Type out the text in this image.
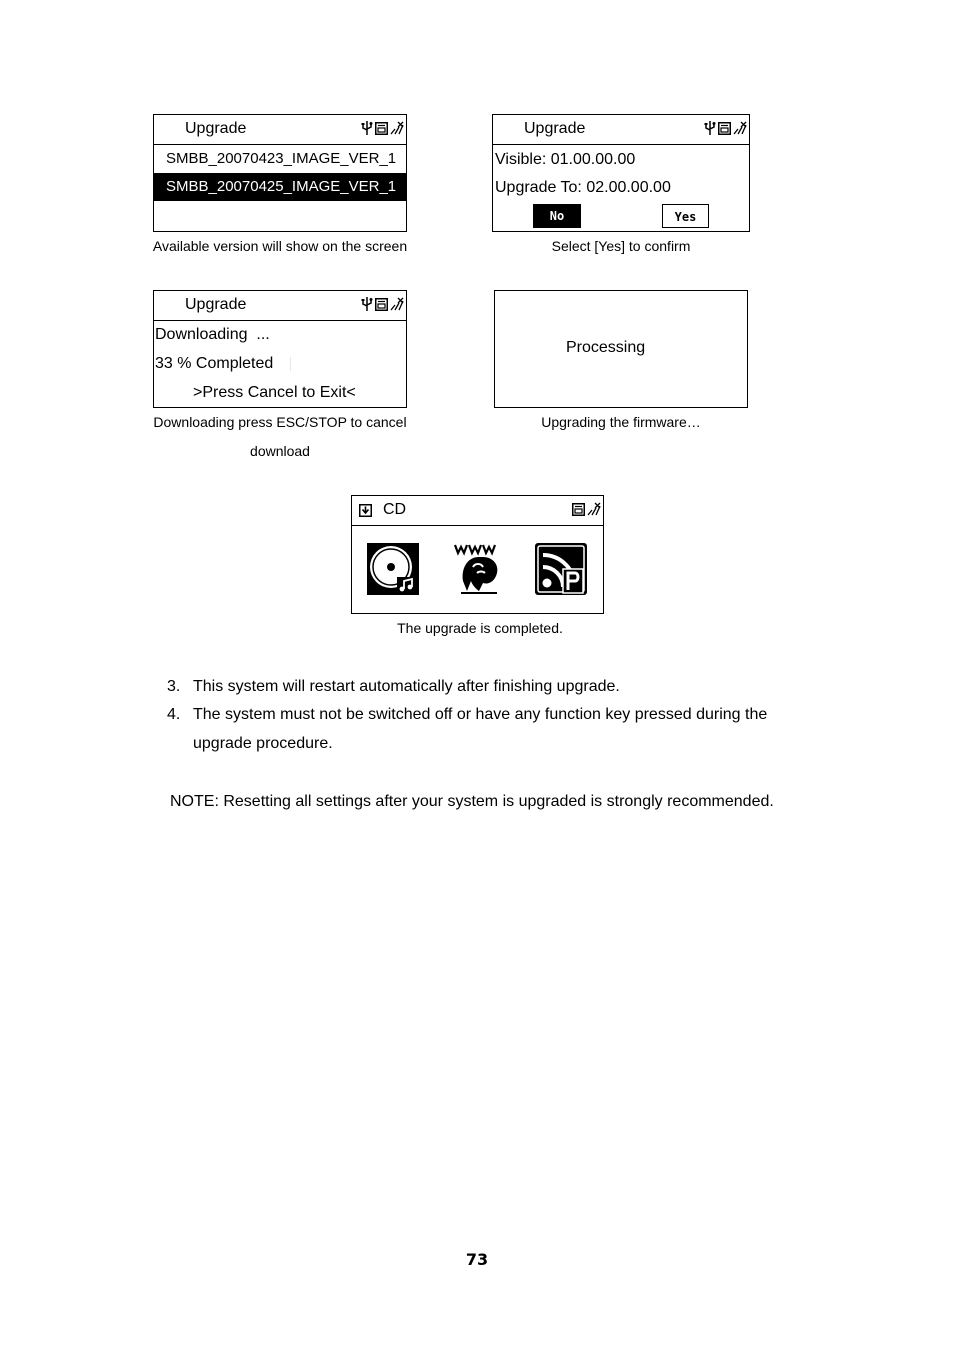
Upgrade
SMBB_20070423_IMAGE_VER_1
SMBB_20070425_IMAGE_VER_1
Available version will show on the screen
Upgrade
Visible: 01.00.00.00
Upgrade To: 02.00.00.00
No	Yes
Select [Yes] to confirm
Upgrade
Downloading  ...
33 % Completed
>Press Cancel to Exit<
Downloading press ESC/STOP to cancel
download
Processing
Upgrading the firmware…
CD
The upgrade is completed.
3. This system will restart automatically after finishing upgrade.
4. The system must not be switched off or have any function key pressed during the
upgrade procedure.
NOTE: Resetting all settings after your system is upgraded is strongly recommended.
73
